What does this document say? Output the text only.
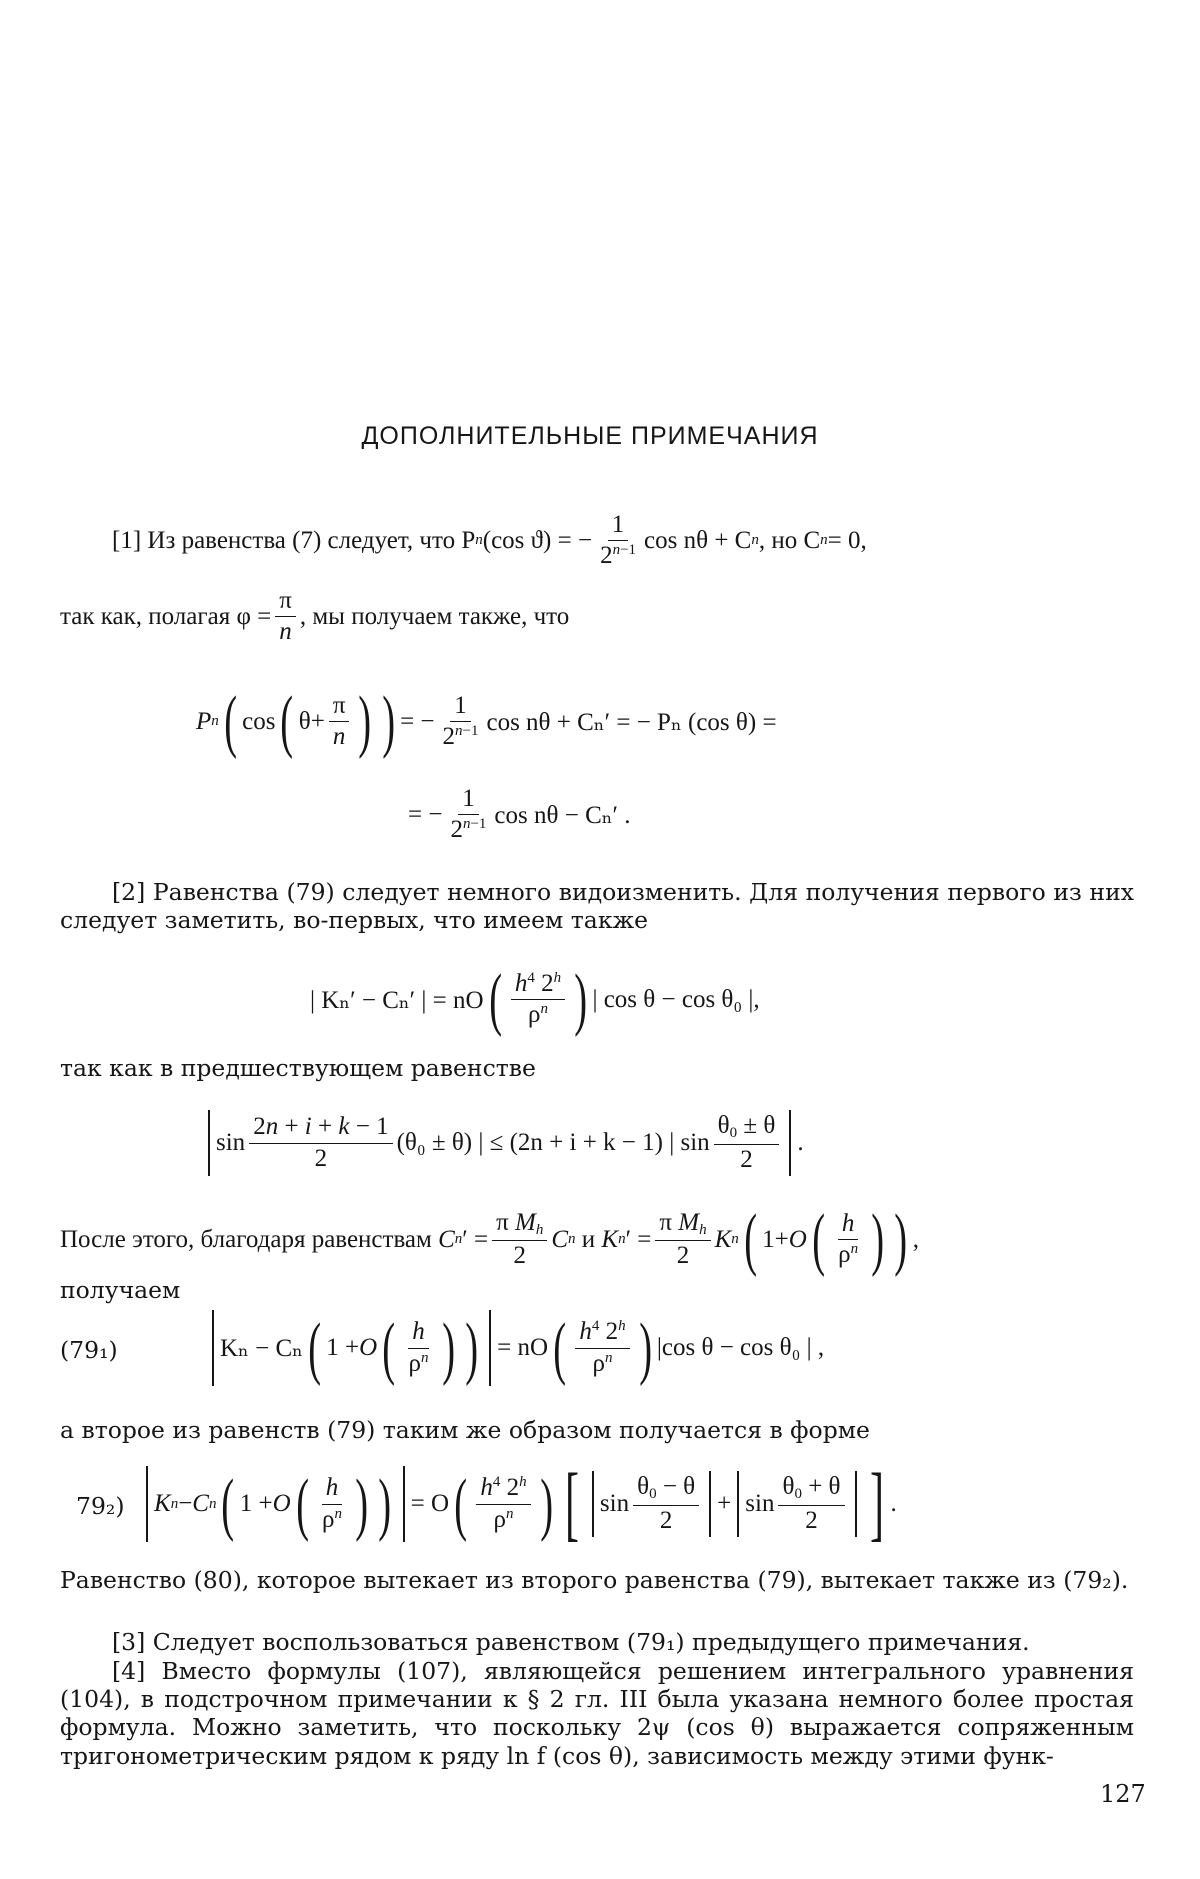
ДОПОЛНИТЕЛЬНЫЕ ПРИМЕЧАНИЯ
[1] Из равенства (7) следует, что P n (cos ϑ) = − $\frac{1}{2^{n-1}}$ cos nθ + C n , но C n = 0,
так как, полагая $\varphi = \frac{\pi}{n}$ , мы получаем также, что
P n ( cos ( $\theta+ \frac{\pi}{n}$ ) ) = − $\frac{1}{2^{n-1}}$ cos nθ + Cₙ′ = − Pₙ (cos θ) =
= − $\frac{1}{2^{n-1}}$ cos nθ − Cₙ′ .
[2] Равенства (79) следует немного видоизменить. Для получения первого из них следует заметить, во-первых, что имеем также
| Kₙ′ − Cₙ′ | = nO ( $\frac{h^4 2^h}{\rho^n}$ ) | cos θ − cos θ₀ |,
так как в предшествующем равенстве
$\sin \frac{2n + i + k - 1}{2} (\theta_0 \pm \theta)$ | ≤ (2n + i + k − 1) | $\sin \frac{\theta_0 \pm \theta}{2}$ .
После этого, благодаря равенствам
C n ′ = $\frac{\pi M_h}{2}$ C n и K n ′ = $\frac{\pi M_h}{2}$ K n ( 1+ O ( $\frac{h}{\rho^n}$ ) ) ,
получаем
(79₁)	Kₙ − Cₙ ( 1 + O ( $\frac{h}{\rho^n}$ ) ) = nO ( $\frac{h^4 2^h}{\rho^n}$ ) |cos θ − cos θ₀ | ,
а второе из равенств (79) таким же образом получается в форме
79₂) K n − C n ( 1 + O ( $\frac{h}{\rho^n}$ ) ) = O ( $\frac{h^4 2^h}{\rho^n}$ ) [ $\sin \frac{\theta_0 - \theta}{2}$ +
$\sin \frac{\theta_0 + \theta}{2}$ ] .
Равенство (80), которое вытекает из второго равенства (79), вытекает также из (79₂).
[3] Следует воспользоваться равенством (79₁) предыдущего примечания.
[4] Вместо формулы (107), являющейся решением интегрального уравнения (104), в подстрочном примечании к § 2 гл. III была указана немного более простая формула. Можно заметить, что поскольку 2ψ (cos θ) выражается сопряженным тригонометрическим рядом к ряду ln f (cos θ), зависимость между этими функ-
127
